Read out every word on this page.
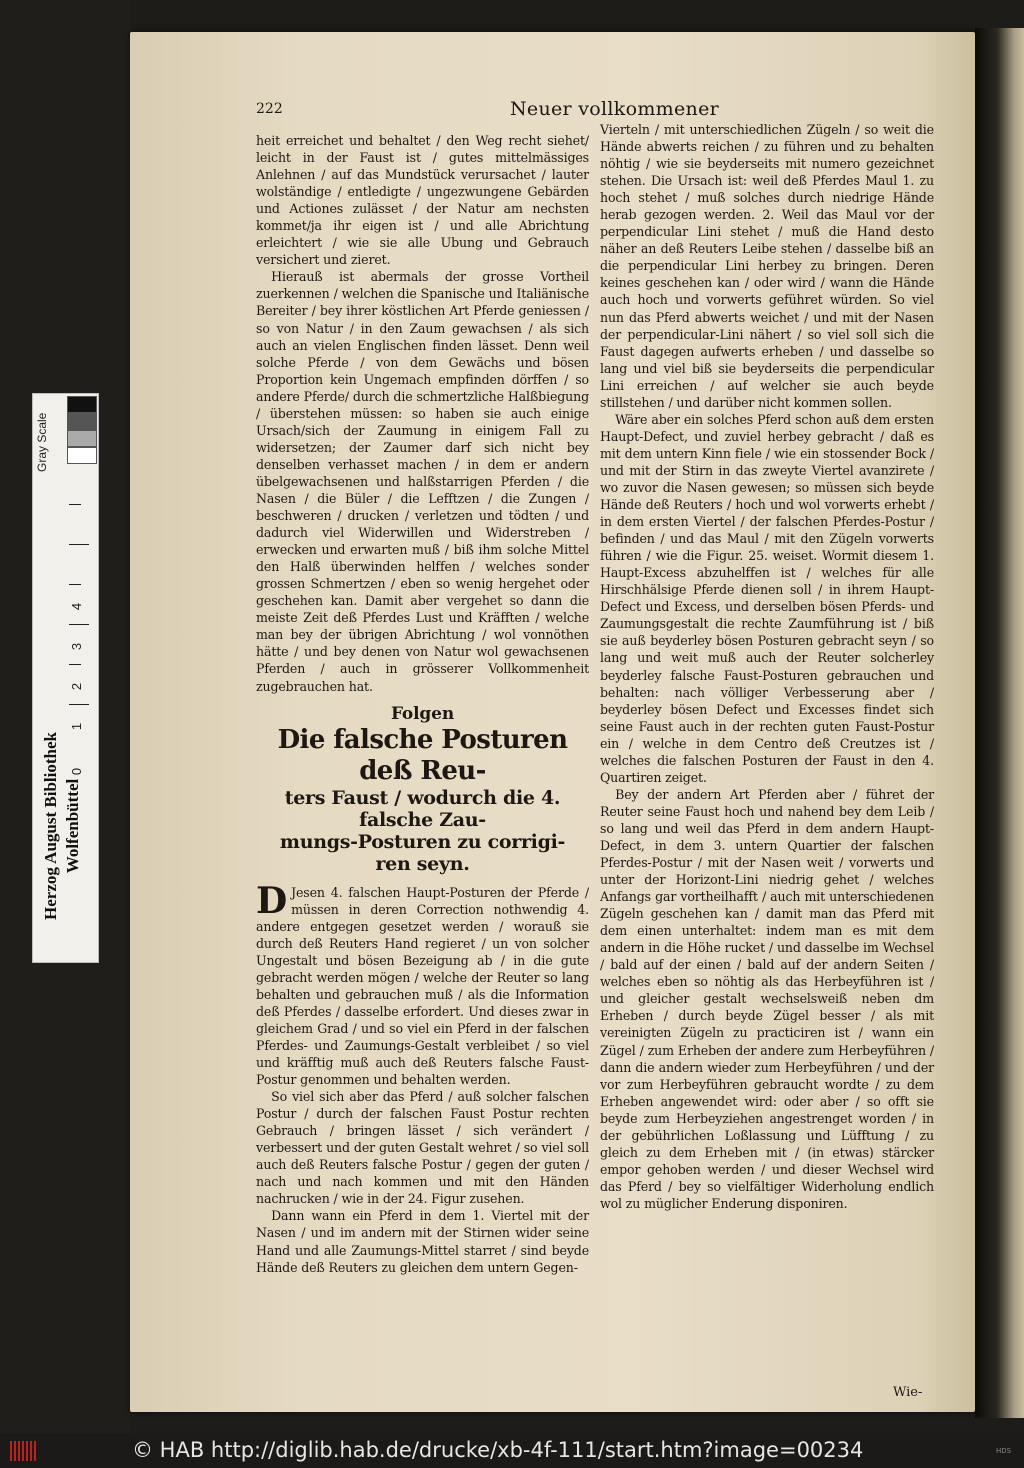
222	Neuer vollkommener

heit erreichet und behaltet / den Weg recht siehet/ leicht in der Faust ist / gutes mittelmässiges Anlehnen / auf das Mundstück verursachet / lauter wolständige / entledigte / ungezwungene Gebärden und Actiones zulässet / der Natur am nechsten kommet/ja ihr eigen ist / und alle Abrichtung erleichtert / wie sie alle Ubung und Gebrauch versichert und zieret.

Hierauß ist abermals der grosse Vortheil zuerkennen / welchen die Spanische und Italiänische Bereiter / bey ihrer köstlichen Art Pferde geniessen / so von Natur / in den Zaum gewachsen / als sich auch an vielen Englischen finden lässet. Denn weil solche Pferde / von dem Gewächs und bösen Proportion kein Ungemach empfinden dörffen / so andere Pferde/ durch die schmertzliche Halßbiegung / überstehen müssen: so haben sie auch einige Ursach/sich der Zaumung in einigem Fall zu widersetzen; der Zaumer darf sich nicht bey denselben verhasset machen / in dem er andern übelgewachsenen und halßstarrigen Pferden / die Nasen / die Büler / die Lefftzen / die Zungen / beschweren / drucken / verletzen und tödten / und dadurch viel Widerwillen und Widerstreben / erwecken und erwarten muß / biß ihm solche Mittel den Halß überwinden helffen / welches sonder grossen Schmertzen / eben so wenig hergehet oder geschehen kan. Damit aber vergehet so dann die meiste Zeit deß Pferdes Lust und Kräfften / welche man bey der übrigen Abrichtung / wol vonnöthen hätte / und bey denen von Natur wol gewachsenen Pferden / auch in grösserer Vollkommenheit zugebrauchen hat.

Folgen
Die falsche Posturen deß Reu-
ters Faust / wodurch die 4. falsche Zau-
mungs-Posturen zu corrigi-
ren seyn.

D Jesen 4. falschen Haupt-Posturen der Pferde / müssen in deren Correction nothwendig 4. andere entgegen gesetzet werden / worauß sie durch deß Reuters Hand regieret / un von solcher Ungestalt und bösen Bezeigung ab / in die gute gebracht werden mögen / welche der Reuter so lang behalten und gebrauchen muß / als die Information deß Pferdes / dasselbe erfordert. Und dieses zwar in gleichem Grad / und so viel ein Pferd in der falschen Pferdes- und Zaumungs-Gestalt verbleibet / so viel und kräfftig muß auch deß Reuters falsche Faust-Postur genommen und behalten werden.

So viel sich aber das Pferd / auß solcher falschen Postur / durch der falschen Faust Postur rechten Gebrauch / bringen lässet / sich verändert / verbessert und der guten Gestalt wehret / so viel soll auch deß Reuters falsche Postur / gegen der guten / nach und nach kommen und mit den Händen nachrucken / wie in der 24. Figur zusehen.

Dann wann ein Pferd in dem 1. Viertel mit der Nasen / und im andern mit der Stirnen wider seine Hand und alle Zaumungs-Mittel starret / sind beyde Hände deß Reuters zu gleichen dem untern Gegen-

Vierteln / mit unterschiedlichen Zügeln / so weit die Hände abwerts reichen / zu führen und zu behalten nöhtig / wie sie beyderseits mit numero gezeichnet stehen. Die Ursach ist: weil deß Pferdes Maul 1. zu hoch stehet / muß solches durch niedrige Hände herab gezogen werden. 2. Weil das Maul vor der perpendicular Lini stehet / muß die Hand desto näher an deß Reuters Leibe stehen / dasselbe biß an die perpendicular Lini herbey zu bringen. Deren keines geschehen kan / oder wird / wann die Hände auch hoch und vorwerts geführet würden. So viel nun das Pferd abwerts weichet / und mit der Nasen der perpendicular-Lini nähert / so viel soll sich die Faust dagegen aufwerts erheben / und dasselbe so lang und viel biß sie beyderseits die perpendicular Lini erreichen / auf welcher sie auch beyde stillstehen / und darüber nicht kommen sollen.

Wäre aber ein solches Pferd schon auß dem ersten Haupt-Defect, und zuviel herbey gebracht / daß es mit dem untern Kinn fiele / wie ein stossender Bock / und mit der Stirn in das zweyte Viertel avanzirete / wo zuvor die Nasen gewesen; so müssen sich beyde Hände deß Reuters / hoch und wol vorwerts erhebt / in dem ersten Viertel / der falschen Pferdes-Postur / befinden / und das Maul / mit den Zügeln vorwerts führen / wie die Figur. 25. weiset. Wormit diesem 1. Haupt-Excess abzuhelffen ist / welches für alle Hirschhälsige Pferde dienen soll / in ihrem Haupt-Defect und Excess, und derselben bösen Pferds- und Zaumungsgestalt die rechte Zaumführung ist / biß sie auß beyderley bösen Posturen gebracht seyn / so lang und weit muß auch der Reuter solcherley beyderley falsche Faust-Posturen gebrauchen und behalten: nach völliger Verbesserung aber / beyderley bösen Defect und Excesses findet sich seine Faust auch in der rechten guten Faust-Postur ein / welche in dem Centro deß Creutzes ist / welches die falschen Posturen der Faust in den 4. Quartiren zeiget.

Bey der andern Art Pferden aber / führet der Reuter seine Faust hoch und nahend bey dem Leib / so lang und weil das Pferd in dem andern Haupt-Defect, in dem 3. untern Quartier der falschen Pferdes-Postur / mit der Nasen weit / vorwerts und unter der Horizont-Lini niedrig gehet / welches Anfangs gar vortheilhafft / auch mit unterschiedenen Zügeln geschehen kan / damit man das Pferd mit dem einen unterhaltet: indem man es mit dem andern in die Höhe rucket / und dasselbe im Wechsel / bald auf der einen / bald auf der andern Seiten / welches eben so nöhtig als das Herbeyführen ist / und gleicher gestalt wechselsweiß neben dm Erheben / durch beyde Zügel besser / als mit vereinigten Zügeln zu practiciren ist / wann ein Zügel / zum Erheben der andere zum Herbeyführen / dann die andern wieder zum Herbeyführen / und der vor zum Herbeyführen gebraucht wordte / zu dem Erheben angewendet wird: oder aber / so offt sie beyde zum Herbeyziehen angestrenget worden / in der gebührlichen Loßlassung und Lüfftung / zu gleich zu dem Erheben mit / (in etwas) stärcker empor gehoben werden / und dieser Wechsel wird das Pferd / bey so vielfältiger Widerholung endlich wol zu müglicher Enderung disponiren.

Wie-
Gray Scale
0
1
2
3
4
Herzog August Bibliothek Wolfenbüttel
© HAB http://diglib.hab.de/drucke/xb-4f-111/start.htm?image=00234	HDS
